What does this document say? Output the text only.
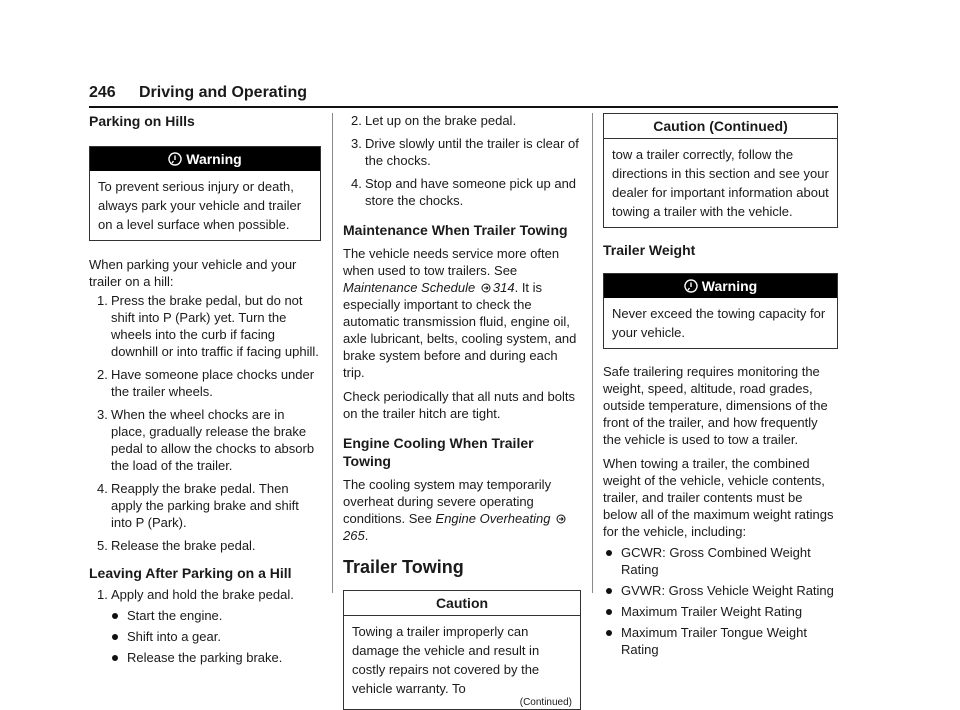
246 Driving and Operating
Parking on Hills
Warning
To prevent serious injury or death, always park your vehicle and trailer on a level surface when possible.

When parking your vehicle and your trailer on a hill:

1. Press the brake pedal, but do not shift into P (Park) yet. Turn the wheels into the curb if facing downhill or into traffic if facing uphill.
2. Have someone place chocks under the trailer wheels.
3. When the wheel chocks are in place, gradually release the brake pedal to allow the chocks to absorb the load of the trailer.
4. Reapply the brake pedal. Then apply the parking brake and shift into P (Park).
5. Release the brake pedal.
Leaving After Parking on a Hill
1. Apply and hold the brake pedal.
Start the engine.
Shift into a gear.
Release the parking brake.
2. Let up on the brake pedal.
3. Drive slowly until the trailer is clear of the chocks.
4. Stop and have someone pick up and store the chocks.
Maintenance When Trailer Towing

The vehicle needs service more often when used to tow trailers. See Maintenance Schedule 314. It is especially important to check the automatic transmission fluid, engine oil, axle lubricant, belts, cooling system, and brake system before and during each trip.

Check periodically that all nuts and bolts on the trailer hitch are tight.

Engine Cooling When Trailer Towing

The cooling system may temporarily overheat during severe operating conditions. See Engine Overheating 265.

Trailer Towing
Caution
Towing a trailer improperly can damage the vehicle and result in costly repairs not covered by the vehicle warranty. To
(Continued)
Caution (Continued)
tow a trailer correctly, follow the directions in this section and see your dealer for important information about towing a trailer with the vehicle.
Trailer Weight
Warning
Never exceed the towing capacity for your vehicle.

Safe trailering requires monitoring the weight, speed, altitude, road grades, outside temperature, dimensions of the front of the trailer, and how frequently the vehicle is used to tow a trailer.

When towing a trailer, the combined weight of the vehicle, vehicle contents, trailer, and trailer contents must be below all of the maximum weight ratings for the vehicle, including:

GCWR: Gross Combined Weight Rating
GVWR: Gross Vehicle Weight Rating
Maximum Trailer Weight Rating
Maximum Trailer Tongue Weight Rating
